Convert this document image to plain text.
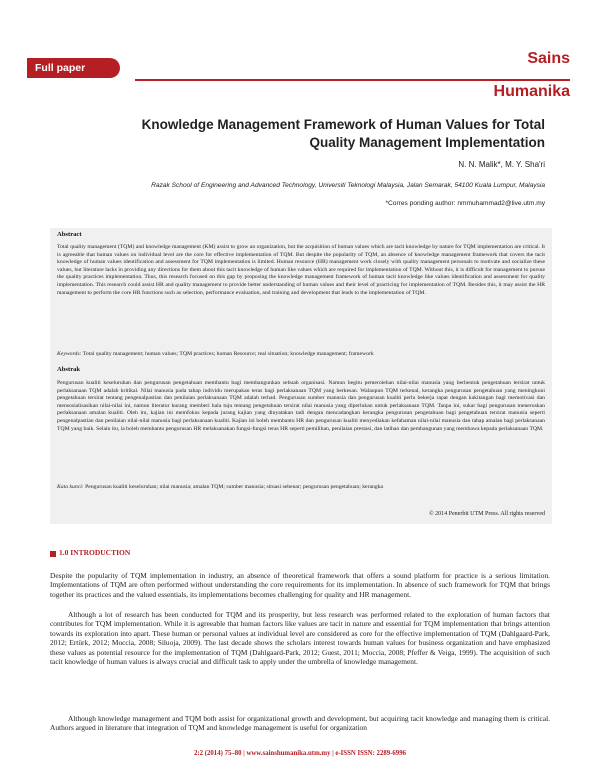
Full paper
Sains
Humanika
Knowledge Management Framework of Human Values for Total Quality Management Implementation
N. N. Malik*, M. Y. Sha'ri
Razak School of Engineering and Advanced Technology, Universiti Teknologi Malaysia, Jalan Semarak, 54100 Kuala Lumpur, Malaysia
*Corres ponding author: nmmuhammad2@live.utm.my
Abstract

Total quality management (TQM) and knowledge management (KM) assist to grow an organization, but the acquisition of human values which are tacit knowledge by nature for TQM implementation are critical. It is agreeable that human values on individual level are the core for effective implementation of TQM. But despite the popularity of TQM, an absence of knowledge management framework that covers the tacit knowledge of human values identification and assessment for TQM implementation is limited. Human resource (HR) management work closely with quality management personals to motivate and socialize these values, but literature lacks in providing any directions for them about this tacit knowledge of human like values which are required for implementation of TQM. Without this, it is difficult for management to pursue the quality practices implementation. Thus, this research focused on this gap by proposing the knowledge management framework of human tacit knowledge like values identification and assessment for quality implementation. This research could assist HR and quality management to provide better understanding of human values and their level of practicing for implementation of TQM. Besides this, it may assist the HR management to perform the core HR functions such as selection, performance evaluation, and training and development that leads to the implementation of TQM.

Keywords: Total quality management; human values; TQM practices; human Resource; real situation; knowledge management; framework

Abstrak

Pengurusan kualiti keseluruhan dan pengurusan pengetahuan membantu bagi membangunkan sebuah organisasi. Namun begitu pemerolehan nilai-nilai manusia yang berbentuk pengetahuan tersirat untuk perlaksanaan TQM adalah kritikal. Nilai manusia pada tahap individu merupakan teras bagi perlaksanaan TQM yang berkesan. Walaupun TQM terkenal, kerangka pengurusan pengetahuan yang meningkuni pengetahuan tersirat tentang pengenalpastian dan penilaian perlaksanaan TQM adalah terhad. Pengurusan sumber manusia dan pengurusan kualiti perlu bekerja rapat dengan kakitangan bagi memotivasi dan mensosialisasikan nilai-nilai ini, namun literatur kurang memberi hala tuju tentang pengetahuan tersirat nilai manusia yang diperlukan untuk perlaksanaan TQM. Tanpa ini, sukar bagi pengurusan meneruskan perlaksanaan amalan kualiti. Oleh itu, kajian ini memfokus kepada jurang kajian yang dinyatakan tadi dengan mencadangkan kerangka pengurusan pengetahuan bagi pengetahuan tersirat manusia seperti pengenalpastian dan penilaian nilai-nilai manusia bagi perlaksanaan kualiti. Kajian ini boleh membantu HR dan pengurusan kualiti menyediakan kefahaman nilai-nilai manusia dan tahap amalan bagi perlaksanaan TQM yang baik. Selain itu, ia boleh membantu pengurusan HR melaksanakan fungsi-fungsi teras HR seperti pemilihan, penilaian prestasi, dan latihan dan pembangunan yang membawa kepada perlaksanaan TQM.

Kata kunci: Pengurusan kualiti keseluruhan; nilai manusia; amalan TQM; sumber manusia; situasi sebenar; pengurusan pengetahuan; kerangka

© 2014 Penerbit UTM Press. All rights reserved
1.0 INTRODUCTION

Despite the popularity of TQM implementation in industry, an absence of theoretical framework that offers a sound platform for practice is a serious limitation. Implementations of TQM are often performed without understanding the core requirements for its implementation. In absence of such framework for TQM that brings together its practices and the valued essentials, its implementations becomes challenging for quality and HR management.

Although a lot of research has been conducted for TQM and its prosperity, but less research was performed related to the exploration of human factors that contributes for TQM implementation. While it is agreeable that human factors like values are tacit in nature and essential for TQM implementation that brings attention towards its exploration into apart. These human or personal values at individual level are considered as core for the effective implementation of TQM (Dahlgaard-Park, 2012; Ertürk, 2012; Moccia, 2008; Siluoja, 2009). The last decade shows the scholars interest towards human values for business organization and have emphasized these values as potential resource for the implementation of TQM (Dahlgaard-Park, 2012; Guest, 2011; Moccia, 2008; Pfeffer & Veiga, 1999). The acquisition of such tacit knowledge of human values is always crucial and difficult task to apply under the umbrella of knowledge management.

Although knowledge management and TQM both assist for organizational growth and development, but acquiring tacit knowledge and managing them is critical. Authors argued in literature that integration of TQM and knowledge management is useful for organization

2:2 (2014) 75–80 | www.sainshumanika.utm.my | e-ISSN ISSN: 2289-6996
